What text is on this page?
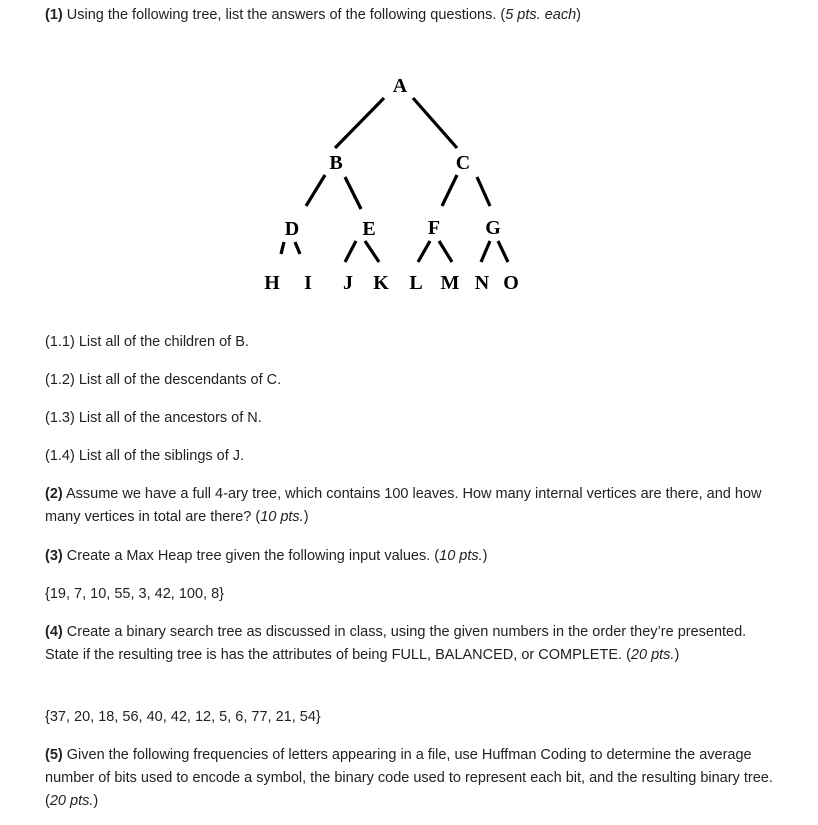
(1) Using the following tree, list the answers of the following questions. (5 pts. each)

A
B	C
D	E	F G
H I J K L M N O

(1.1) List all of the children of B.

(1.2) List all of the descendants of C.

(1.3) List all of the ancestors of N.

(1.4) List all of the siblings of J.

(2) Assume we have a full 4-ary tree, which contains 100 leaves. How many internal vertices are there, and how many vertices in total are there? (10 pts.)

(3) Create a Max Heap tree given the following input values. (10 pts.)

{19, 7, 10, 55, 3, 42, 100, 8}

(4) Create a binary search tree as discussed in class, using the given numbers in the order they’re presented. State if the resulting tree is has the attributes of being FULL, BALANCED, or COMPLETE. (20 pts.)

{37, 20, 18, 56, 40, 42, 12, 5, 6, 77, 21, 54}

(5) Given the following frequencies of letters appearing in a file, use Huffman Coding to determine the average number of bits used to encode a symbol, the binary code used to represent each bit, and the resulting binary tree. (20 pts.)
